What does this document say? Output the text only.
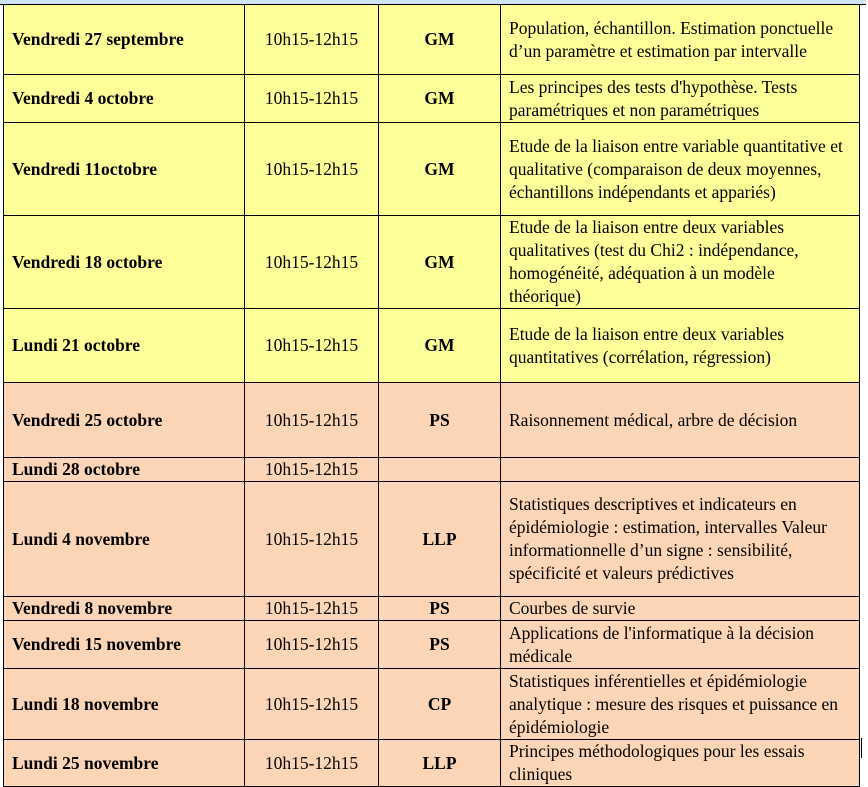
Vendredi 27 septembre	10h15-12h15	GM	Population, échantillon. Estimation ponctuelle d’un paramètre et estimation par intervalle
Vendredi 4 octobre	10h15-12h15	GM	Les principes des tests d'hypothèse. Tests paramétriques et non paramétriques
Vendredi 11octobre	10h15-12h15	GM	Etude de la liaison entre variable quantitative et qualitative (comparaison de deux moyennes, échantillons indépendants et appariés)
Vendredi 18 octobre	10h15-12h15	GM	Etude de la liaison entre deux variables qualitatives (test du Chi2 : indépendance, homogénéité, adéquation à un modèle théorique)
Lundi 21 octobre	10h15-12h15	GM	Etude de la liaison entre deux variables quantitatives (corrélation, régression)
Vendredi 25 octobre	10h15-12h15	PS	Raisonnement médical, arbre de décision
Lundi 28 octobre	10h15-12h15		
Lundi 4 novembre	10h15-12h15	LLP	Statistiques descriptives et indicateurs en épidémiologie : estimation, intervalles Valeur informationnelle d’un signe : sensibilité, spécificité et valeurs prédictives
Vendredi 8 novembre	10h15-12h15	PS	Courbes de survie
Vendredi 15 novembre	10h15-12h15	PS	Applications de l'informatique à la décision médicale
Lundi 18 novembre	10h15-12h15	CP	Statistiques inférentielles et épidémiologie analytique : mesure des risques et puissance en épidémiologie
Lundi 25 novembre	10h15-12h15	LLP	Principes méthodologiques pour les essais cliniques
